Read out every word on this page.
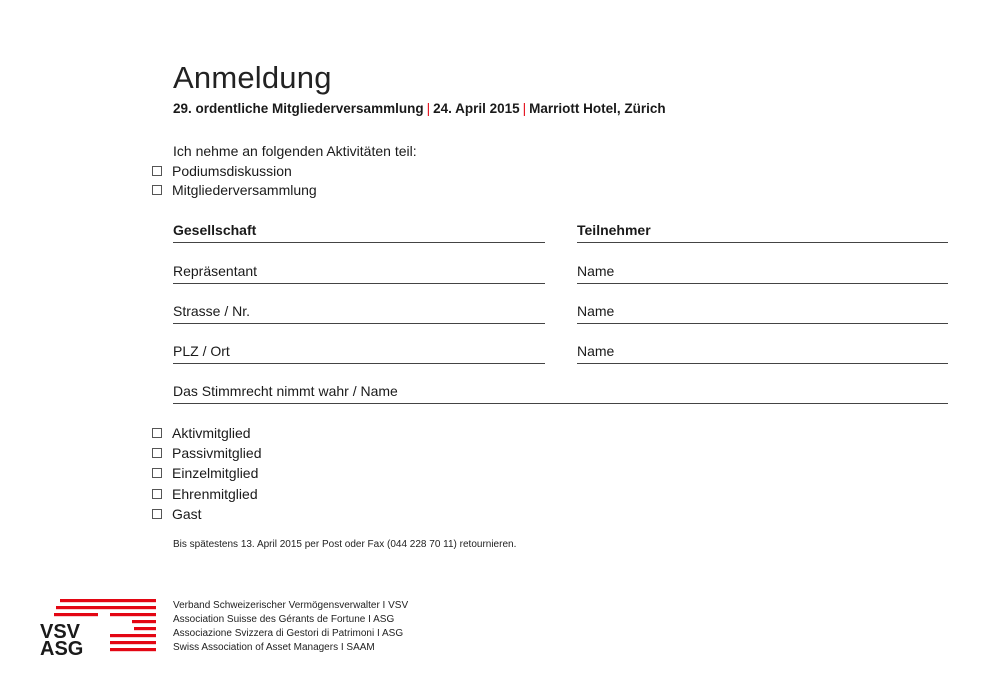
Anmeldung
29. ordentliche Mitgliederversammlung | 24. April 2015 | Marriott Hotel, Zürich
Ich nehme an folgenden Aktivitäten teil:
Podiumsdiskussion
Mitgliederversammlung
Gesellschaft	Teilnehmer
Repräsentant	Name
Strasse / Nr.	Name
PLZ / Ort	Name
Das Stimmrecht nimmt wahr / Name
Aktivmitglied
Passivmitglied
Einzelmitglied
Ehrenmitglied
Gast
Bis spätestens 13. April 2015 per Post oder Fax (044 228 70 11) retournieren.
VSV
ASG
Verband Schweizerischer Vermögensverwalter I VSV
Association Suisse des Gérants de Fortune I ASG
Associazione Svizzera di Gestori di Patrimoni I ASG
Swiss Association of Asset Managers I SAAM
